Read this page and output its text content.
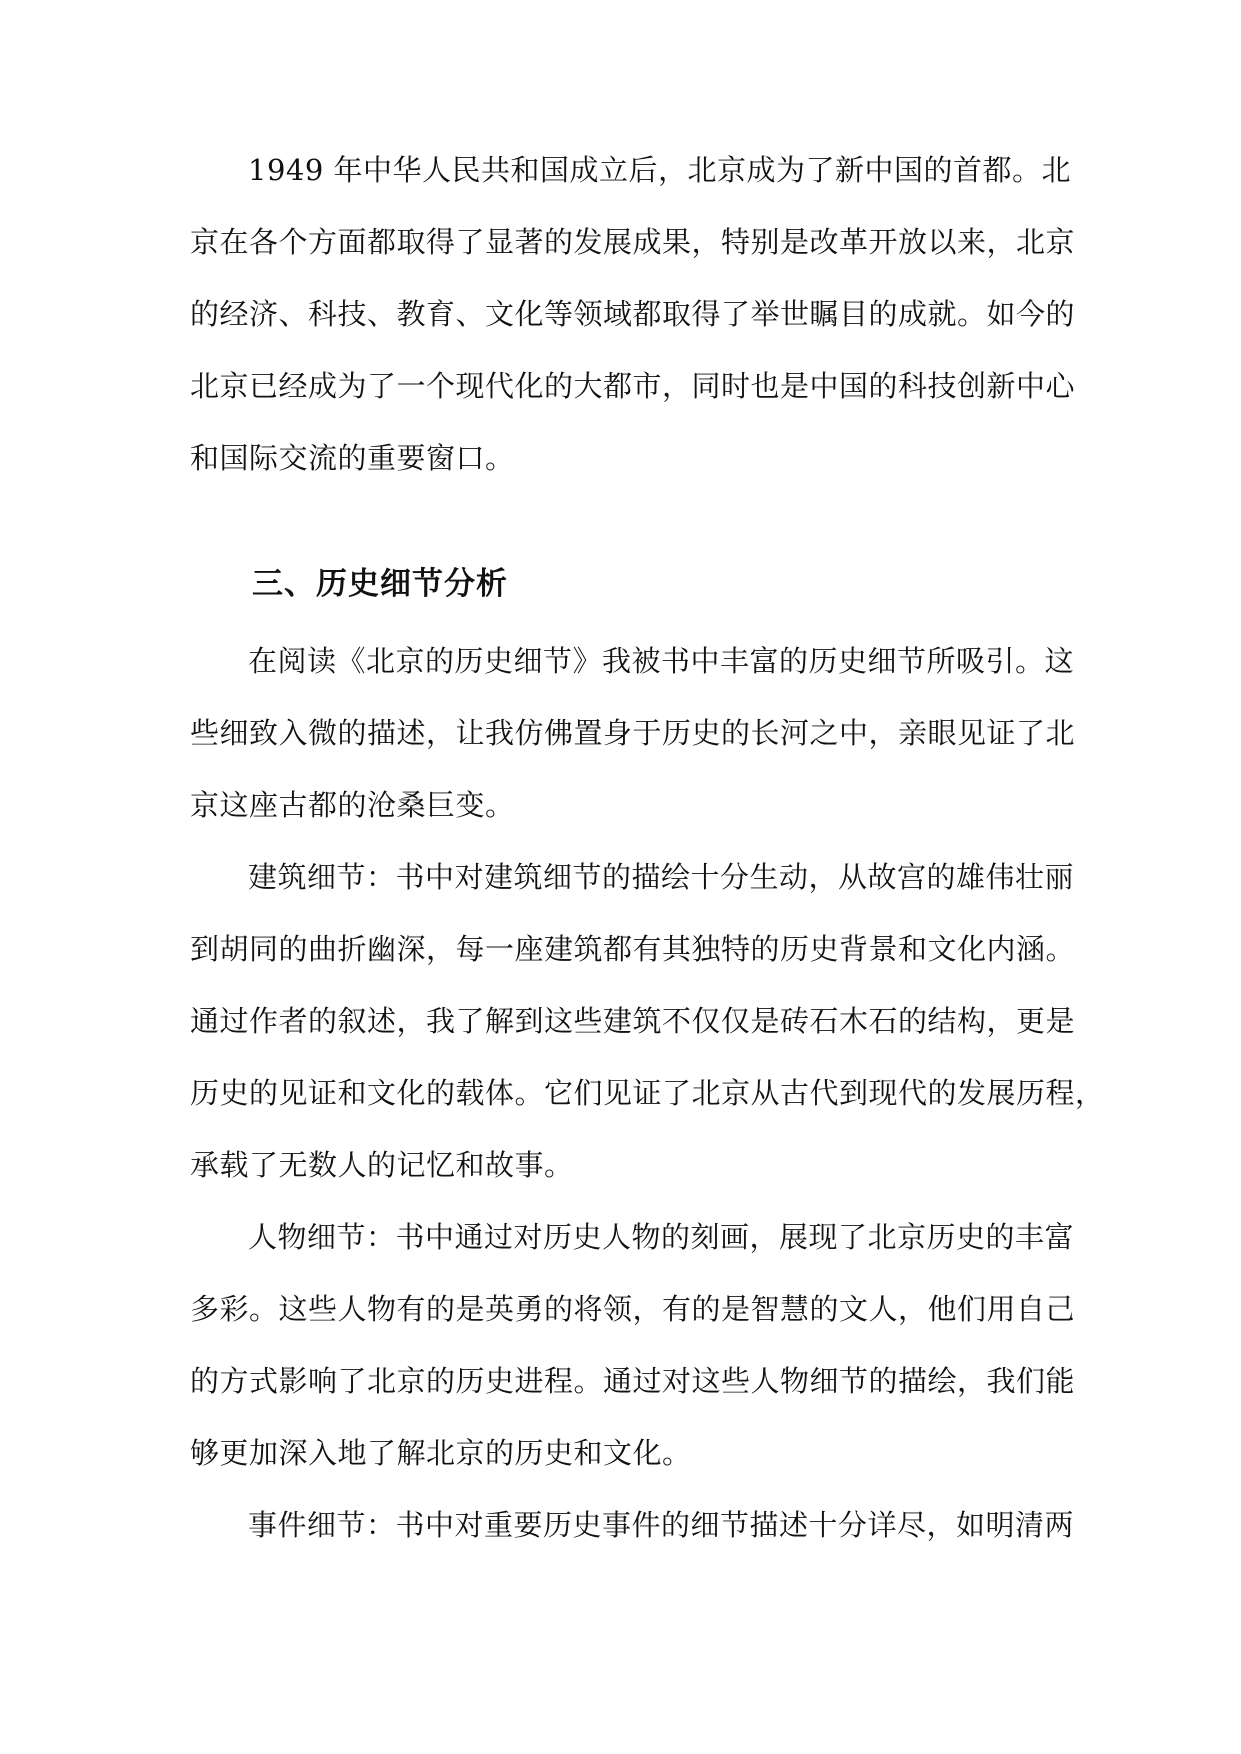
1949 年中华人民共和国成立后，北京成为了新中国的首都。北
京在各个方面都取得了显著的发展成果，特别是改革开放以来，北京
的经济、科技、教育、文化等领域都取得了举世瞩目的成就。如今的
北京已经成为了一个现代化的大都市，同时也是中国的科技创新中心
和国际交流的重要窗口。
三、历史细节分析
在阅读《北京的历史细节》我被书中丰富的历史细节所吸引。这
些细致入微的描述，让我仿佛置身于历史的长河之中，亲眼见证了北
京这座古都的沧桑巨变。
建筑细节：书中对建筑细节的描绘十分生动，从故宫的雄伟壮丽
到胡同的曲折幽深，每一座建筑都有其独特的历史背景和文化内涵。
通过作者的叙述，我了解到这些建筑不仅仅是砖石木石的结构，更是
历史的见证和文化的载体。它们见证了北京从古代到现代的发展历程，
承载了无数人的记忆和故事。
人物细节：书中通过对历史人物的刻画，展现了北京历史的丰富
多彩。这些人物有的是英勇的将领，有的是智慧的文人，他们用自己
的方式影响了北京的历史进程。通过对这些人物细节的描绘，我们能
够更加深入地了解北京的历史和文化。
事件细节：书中对重要历史事件的细节描述十分详尽，如明清两
